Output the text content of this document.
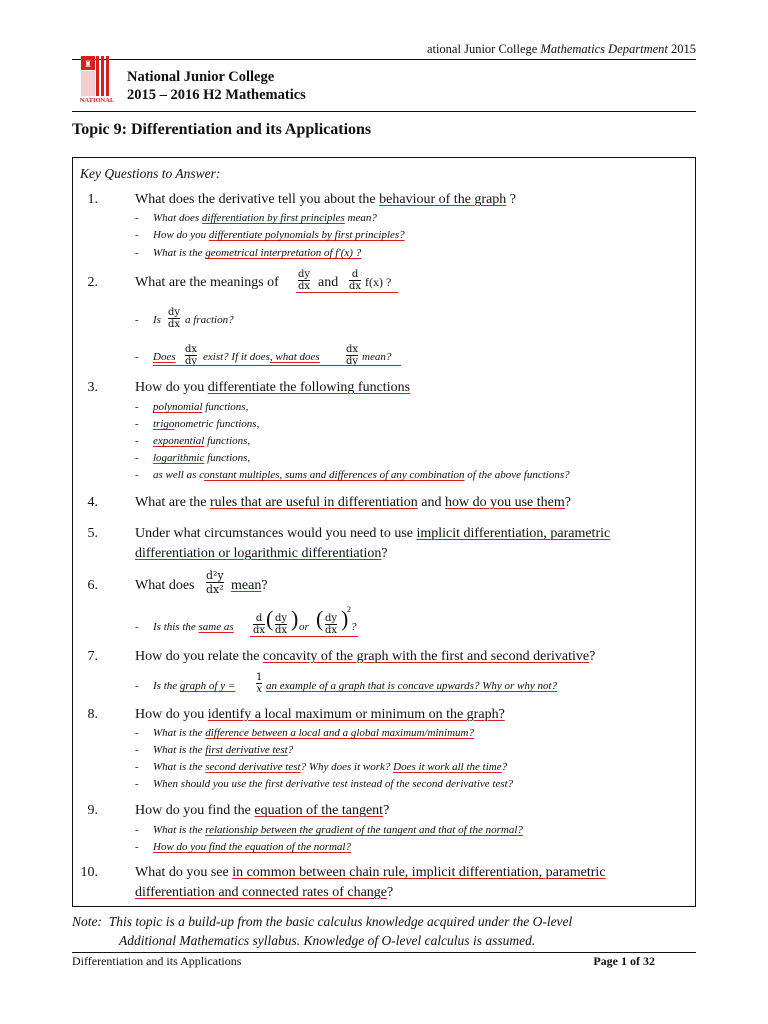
ational Junior College Mathematics Department 2015
♜
NATIONAL
National Junior College
2015 – 2016 H2 Mathematics
Topic 9: Differentiation and its Applications
Key Questions to Answer:
1.	What does the derivative tell you about the behaviour of the graph ?
- What does differentiation by first principles mean?
- How do you differentiate polynomials by first principles?
- What is the geometrical interpretation of f′(x) ?
2.	What are the meanings of $\frac{dy}{dx}$ and $\frac{d}{dx} f(x)$ ?
- Is $\frac{dy}{dx}$ a fraction?
- Does $\frac{dx}{dy}$ exist? If it does, what does	$\frac{dx}{dy}$ mean?
3.	How do you differentiate the following functions
- polynomial functions,
- trigonometric functions,
- exponential functions,
- logarithmic functions,
- as well as constant multiples, sums and differences of any combination of the above functions?
4.	What are the rules that are useful in differentiation and how do you use them?
5.	Under what circumstances would you need to use implicit differentiation, parametric
differentiation or logarithmic differentiation?
6.	What does $\frac{\text{d²y}}{\text{dx²}}$ mean?
- Is this the same as $\frac{d}{dx}$ ( $\frac{dy}{dx}$ ) or ( $\frac{dy}{dx}$ )
2
?
7.	How do you relate the concavity of the graph with the first and second derivative?
- Is the graph of $y = \frac{1}{x}$ an example of a graph that is concave upwards? Why or why not?
8.	How do you identify a local maximum or minimum on the graph?
- What is the difference between a local and a global maximum/minimum?
- What is the first derivative test?
- What is the second derivative test? Why does it work? Does it work all the time?
- When should you use the first derivative test instead of the second derivative test?
9.	How do you find the equation of the tangent?
- What is the relationship between the gradient of the tangent and that of the normal?
- How do you find the equation of the normal?
10.	What do you see in common between chain rule, implicit differentiation, parametric
differentiation and connected rates of change?
Note: This topic is a build-up from the basic calculus knowledge acquired under the O-level
Additional Mathematics syllabus. Knowledge of O-level calculus is assumed.
Differentiation and its Applications	Page 1 of 32
